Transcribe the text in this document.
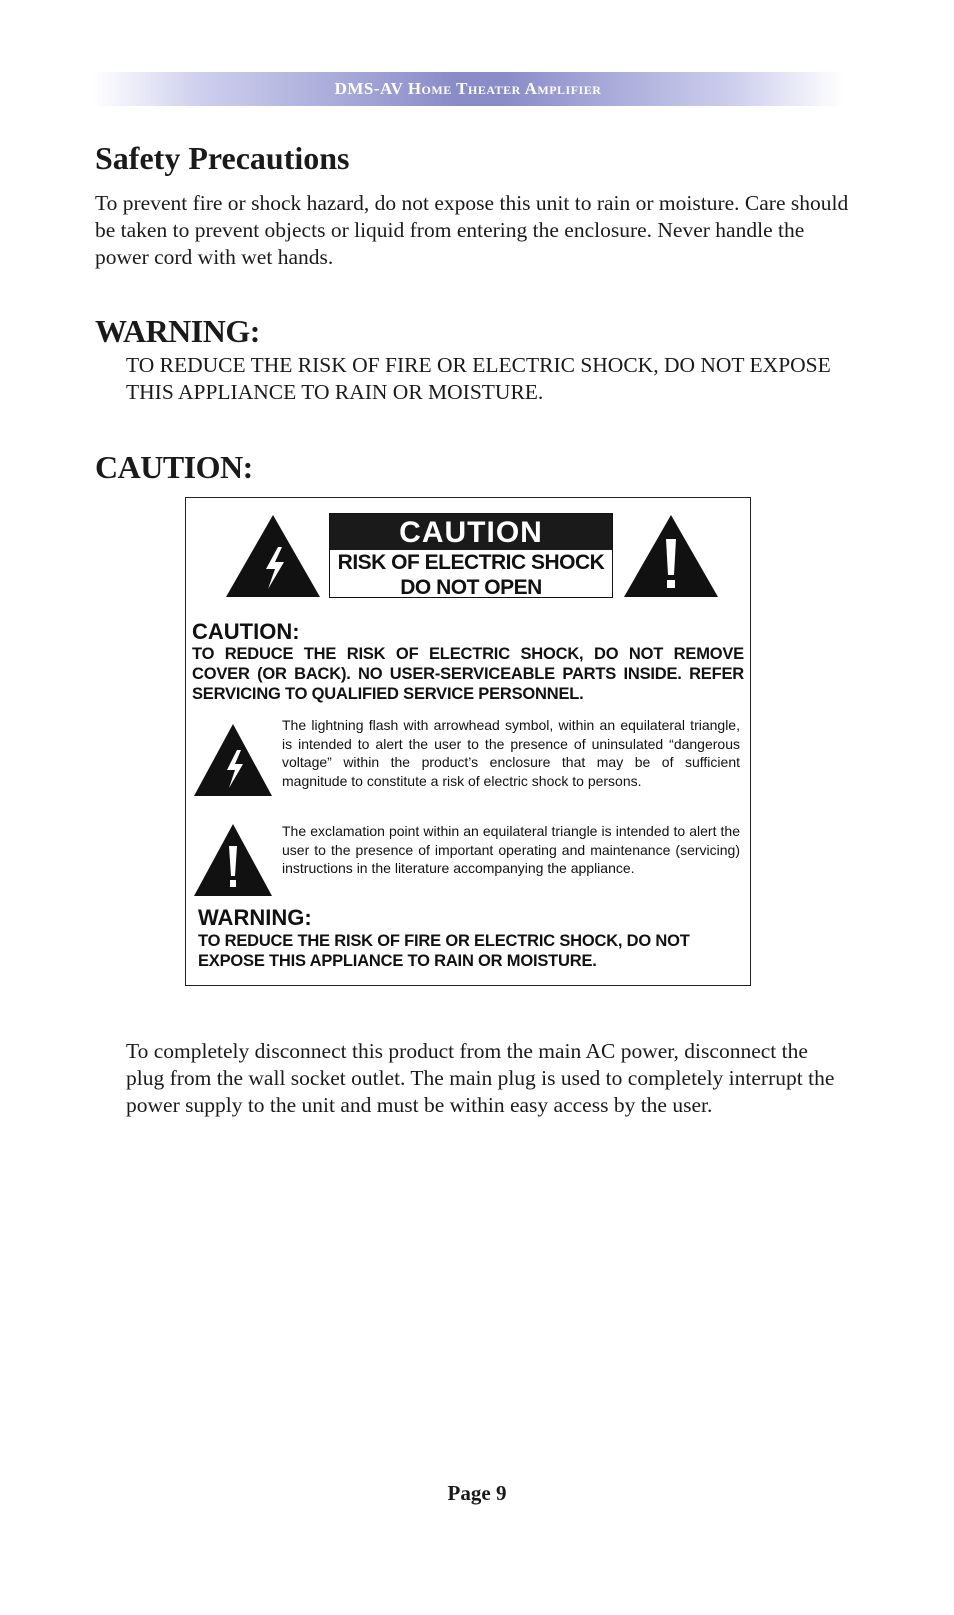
DMS-AV Home Theater Amplifier
Safety Precautions

To prevent fire or shock hazard, do not expose this unit to rain or moisture. Care should be taken to prevent objects or liquid from entering the enclosure. Never handle the power cord with wet hands.

WARNING:

TO REDUCE THE RISK OF FIRE OR ELECTRIC SHOCK, DO NOT EXPOSE THIS APPLIANCE TO RAIN OR MOISTURE.

CAUTION:
CAUTION
RISK OF ELECTRIC SHOCK
DO NOT OPEN
CAUTION:
TO REDUCE THE RISK OF ELECTRIC SHOCK, DO NOT REMOVE COVER (OR BACK). NO USER-SERVICEABLE PARTS INSIDE. REFER SERVICING TO QUALIFIED SERVICE PERSONNEL.
The lightning flash with arrowhead symbol, within an equilateral triangle, is intended to alert the user to the presence of uninsulated “dangerous voltage” within the product’s enclosure that may be of sufficient magnitude to constitute a risk of electric shock to persons.
The exclamation point within an equilateral triangle is intended to alert the user to the presence of important operating and maintenance (servicing) instructions in the literature accompanying the appliance.
WARNING:
TO REDUCE THE RISK OF FIRE OR ELECTRIC SHOCK, DO NOT EXPOSE THIS APPLIANCE TO RAIN OR MOISTURE.

To completely disconnect this product from the main AC power, disconnect the plug from the wall socket outlet. The main plug is used to completely interrupt the power supply to the unit and must be within easy access by the user.

Page 9
